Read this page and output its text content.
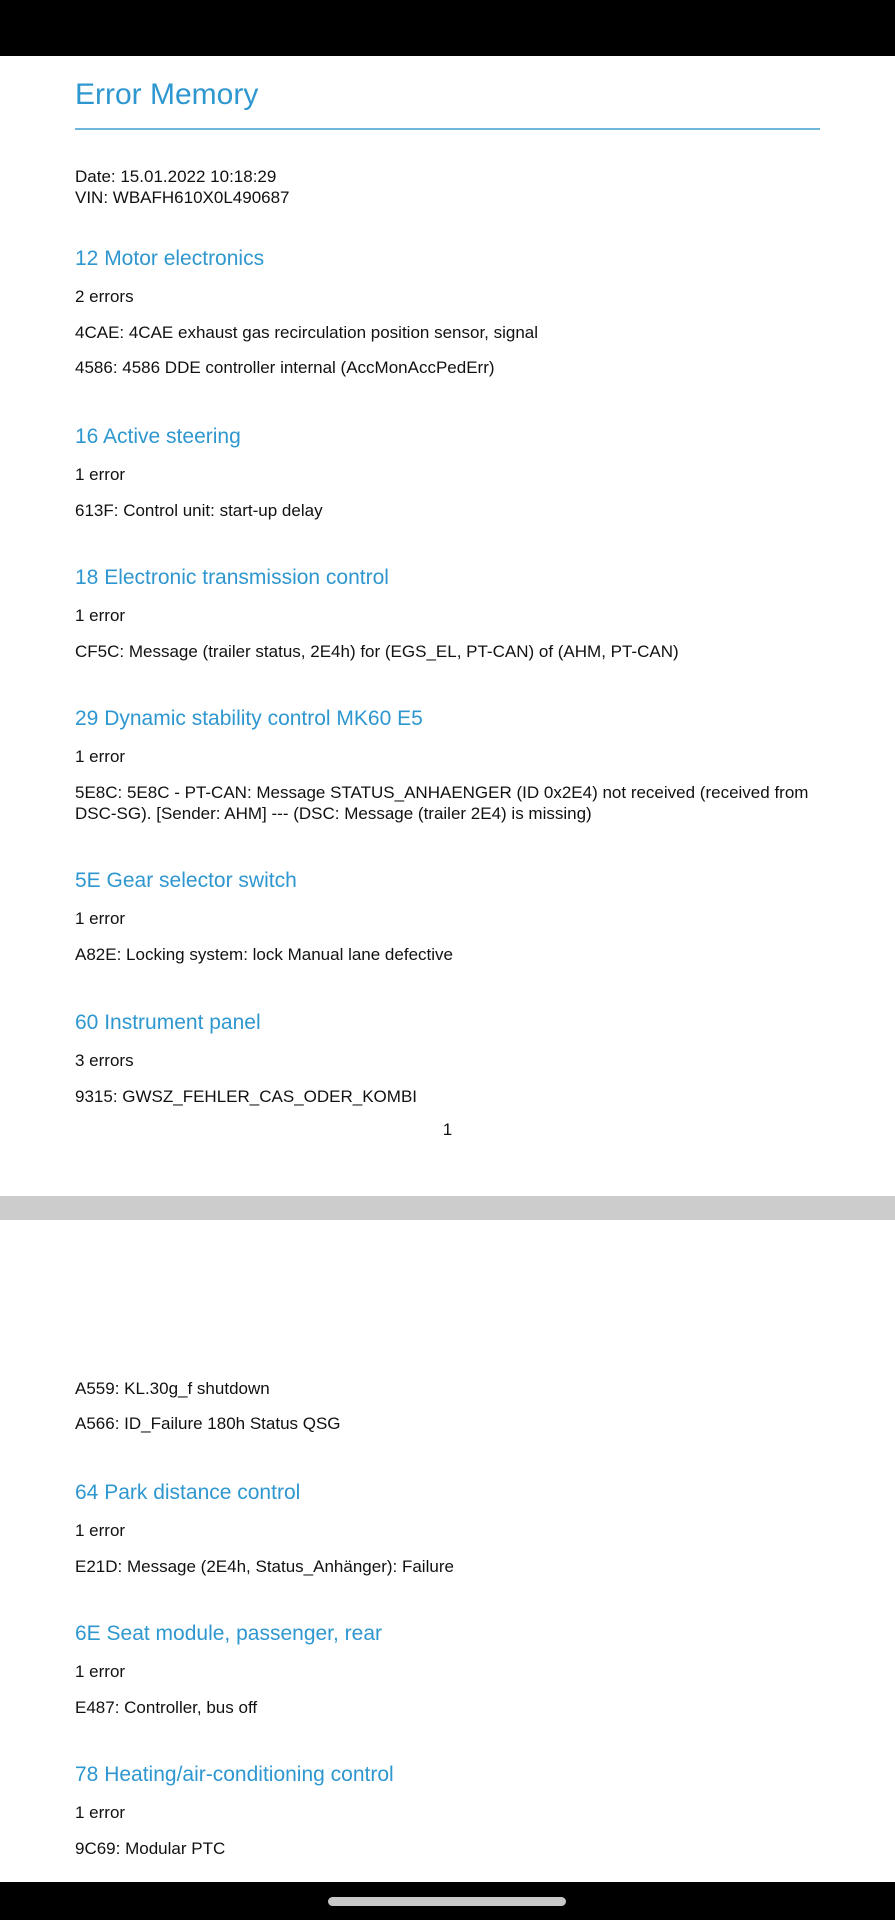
Error Memory
Date: 15.01.2022 10:18:29
VIN: WBAFH610X0L490687
12 Motor electronics
2 errors
4CAE: 4CAE exhaust gas recirculation position sensor, signal
4586: 4586 DDE controller internal (AccMonAccPedErr)
16 Active steering
1 error
613F: Control unit: start-up delay
18 Electronic transmission control
1 error
CF5C: Message (trailer status, 2E4h) for (EGS_EL, PT-CAN) of (AHM, PT-CAN)
29 Dynamic stability control MK60 E5
1 error
5E8C: 5E8C - PT-CAN: Message STATUS_ANHAENGER (ID 0x2E4) not received (received from DSC-SG). [Sender: AHM] --- (DSC: Message (trailer 2E4) is missing)
5E Gear selector switch
1 error
A82E: Locking system: lock Manual lane defective
60 Instrument panel
3 errors
9315: GWSZ_FEHLER_CAS_ODER_KOMBI
1
A559: KL.30g_f shutdown
A566: ID_Failure 180h Status QSG
64 Park distance control
1 error
E21D: Message (2E4h, Status_Anhänger): Failure
6E Seat module, passenger, rear
1 error
E487: Controller, bus off
78 Heating/air-conditioning control
1 error
9C69: Modular PTC
